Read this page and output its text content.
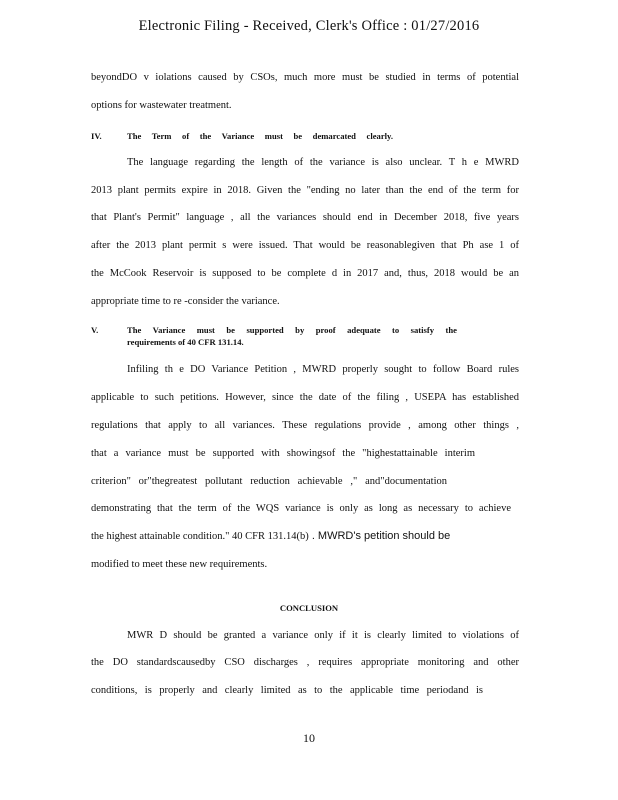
Electronic Filing - Received, Clerk's Office : 01/27/2016
beyondDO v iolations caused by CSOs, much more must be studied in terms of potential
options for wastewater treatment.
IV.	The Term of the Variance must be demarcated clearly.
The language regarding the length of the variance is also unclear. T h e MWRD
2013 plant permits expire in 2018. Given the "ending no later than the end of the term for
that Plant's Permit" language , all the variances should end in December 2018, five years
after the 2013 plant permit s were issued. That would be reasonablegiven that Ph ase 1 of
the McCook Reservoir is supposed to be complete d in 2017 and, thus, 2018 would be an
appropriate time to re -consider the variance.
V.	The Variance must be supported by proof adequate to satisfy the
requirements of 40 CFR 131.14.
Infiling th e DO Variance Petition , MWRD properly sought to follow Board rules
applicable to such petitions. However, since the date of the filing , USEPA has established
regulations that apply to all variances. These regulations provide , among other things ,
that a variance must be supported with showingsof the "highestattainable interim
criterion" or"thegreatest pollutant reduction achievable ," and"documentation
demonstrating that the term of the WQS variance is only as long as necessary to achieve
the highest attainable condition." 40 CFR 131.14(b) . MWRD's petition should be
modified to meet these new requirements.
CONCLUSION
MWR D should be granted a variance only if it is clearly limited to violations of
the DO standardscausedby CSO discharges , requires appropriate monitoring and other
conditions, is properly and clearly limited as to the applicable time periodand is
10
